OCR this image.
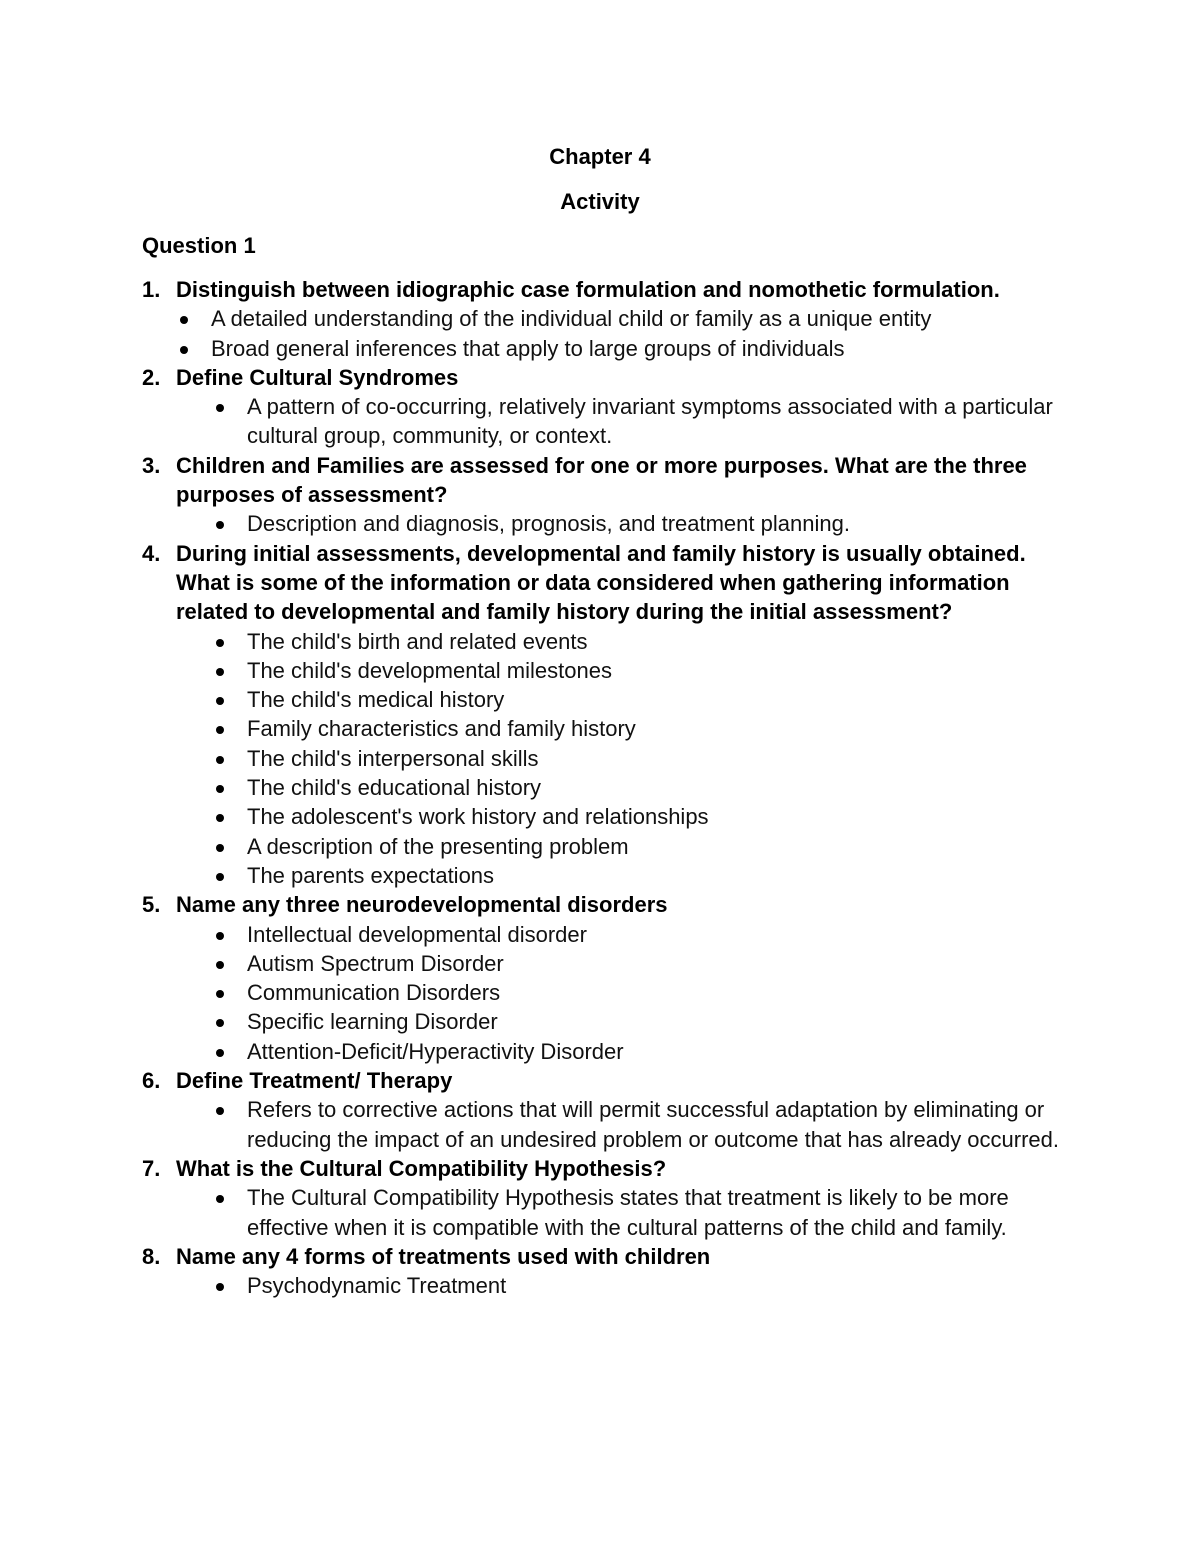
Chapter 4
Activity
Question 1
1. Distinguish between idiographic case formulation and nomothetic formulation.
A detailed understanding of the individual child or family as a unique entity
Broad general inferences that apply to large groups of individuals
2. Define Cultural Syndromes
A pattern of co-occurring, relatively invariant symptoms associated with a particular cultural group, community, or context.
3. Children and Families are assessed for one or more purposes. What are the three purposes of assessment?
Description and diagnosis, prognosis, and treatment planning.
4. During initial assessments, developmental and family history is usually obtained. What is some of the information or data considered when gathering information related to developmental and family history during the initial assessment?
The child's birth and related events
The child's developmental milestones
The child's medical history
Family characteristics and family history
The child's interpersonal skills
The child's educational history
The adolescent's work history and relationships
A description of the presenting problem
The parents expectations
5. Name any three neurodevelopmental disorders
Intellectual developmental disorder
Autism Spectrum Disorder
Communication Disorders
Specific learning Disorder
Attention-Deficit/Hyperactivity Disorder
6. Define Treatment/ Therapy
Refers to corrective actions that will permit successful adaptation by eliminating or reducing the impact of an undesired problem or outcome that has already occurred.
7. What is the Cultural Compatibility Hypothesis?
The Cultural Compatibility Hypothesis states that treatment is likely to be more effective when it is compatible with the cultural patterns of the child and family.
8. Name any 4 forms of treatments used with children
Psychodynamic Treatment
